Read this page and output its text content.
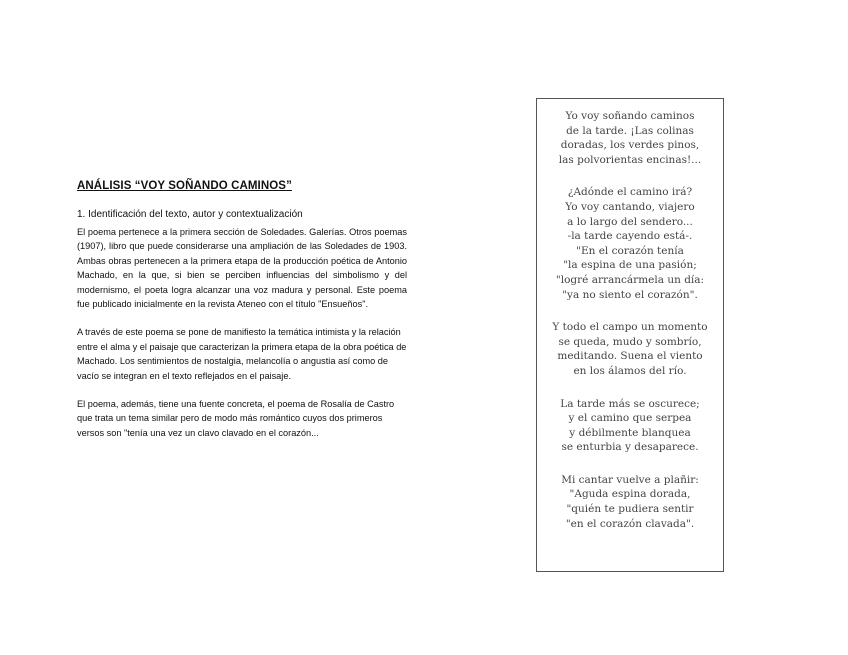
ANÁLISIS “VOY SOÑANDO CAMINOS”
1. Identificación del texto, autor y contextualización

El poema pertenece a la primera sección de Soledades. Galerías. Otros poemas (1907), libro que puede considerarse una ampliación de las Soledades de 1903. Ambas obras pertenecen a la primera etapa de la producción poética de Antonio Machado, en la que, si bien se perciben influencias del simbolismo y del modernismo, el poeta logra alcanzar una voz madura y personal. Este poema fue publicado inicialmente en la revista Ateneo con el título "Ensueños".

A través de este poema se pone de manifiesto la temática intimista y la relación entre el alma y el paisaje que caracterizan la primera etapa de la obra poética de Machado. Los sentimientos de nostalgia, melancolía o angustia así como de vacío se integran en el texto reflejados en el paisaje.

El poema, además, tiene una fuente concreta, el poema de Rosalía de Castro que trata un tema similar pero de modo más romántico cuyos dos primeros versos son "tenía una vez un clavo clavado en el corazón...

Yo voy soñando caminos
de la tarde. ¡Las colinas
doradas, los verdes pinos,
las polvorientas encinas!...
¿Adónde el camino irá?
Yo voy cantando, viajero
a lo largo del sendero...
-la tarde cayendo está-.
"En el corazón tenía
"la espina de una pasión;
"logré arrancármela un día:
"ya no siento el corazón".
Y todo el campo un momento
se queda, mudo y sombrío,
meditando. Suena el viento
en los álamos del río.
La tarde más se oscurece;
y el camino que serpea
y débilmente blanquea
se enturbia y desaparece.
Mi cantar vuelve a plañir:
"Aguda espina dorada,
"quién te pudiera sentir
"en el corazón clavada".
